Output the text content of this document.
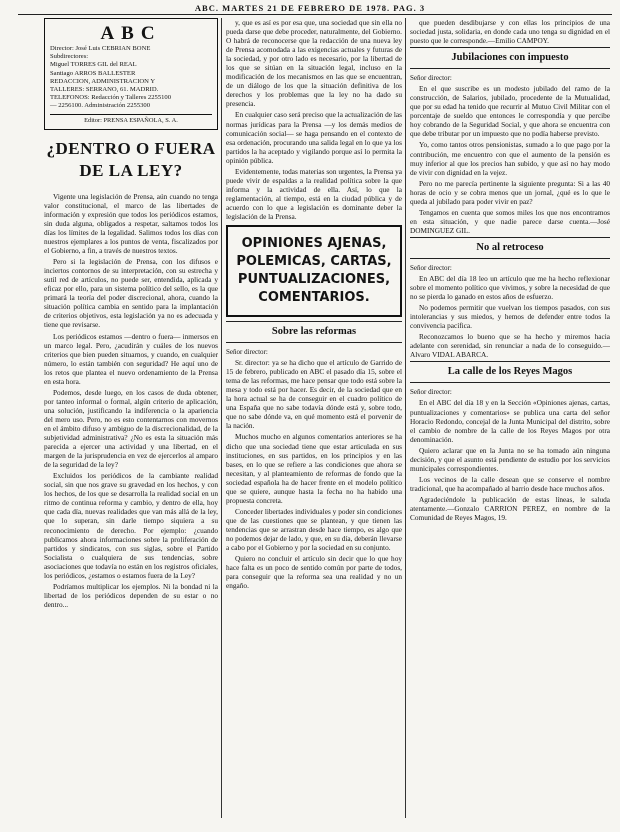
ABC. MARTES 21 DE FEBRERO DE 1978. PAG. 3
ABC
Director: José Luis CEBRIAN BONE
Subdirectores:
Miguel TORRES GIL del REAL
Santiago ARROS BALLESTER
REDACCION, ADMINISTRACION Y
TALLERES: SERRANO, 61. MADRID.
TELEFONOS: Redacción y Talleres 2255100
— 2256100. Administración 2255300
Editor: PRENSA ESPAÑOLA, S. A.
¿DENTRO O FUERA
DE LA LEY?

Vigente una legislación de Prensa, aún cuando no tenga valor constitucional, el marco de las libertades de información y expresión que todos los periódicos estamos, sin duda alguna, obligados a respetar, saltamos todos los días los límites de la legalidad. Salimos todos los días con nuestros ejemplares a los puntos de venta, fiscalizados por el Gobierno, a fin, a través de nuestros textos.

Pero si la legislación de Prensa, con los difusos e inciertos contornos de su interpretación, con su estrecha y sutil red de artículos, no puede ser, entendida, aplicada y eficaz por ello, para un sistema político del sello, es la que primará la teoría del poder discrecional, ahora, cuando la situación política cambia en sentido para la implantación de criterios objetivos, esta legislación ya no es adecuada y tiene que revisarse.

Los periódicos estamos —dentro o fuera— inmersos en un marco legal. Pero, ¿acudirán y cuáles de los nuevos criterios que bien pueden situarnos, y cuando, en cualquier número, lo están también con seguridad? He aquí uno de los retos que plantea el nuevo ordenamiento de la Prensa en esta hora.

Podemos, desde luego, en los casos de duda obtener, por tanteo informal o formal, algún criterio de aplicación, una solución, justificando la indiferencia o la apariencia del mero uso. Pero, no es esto contentarnos con movernos en el ámbito difuso y ambiguo de la discrecionalidad, de la subjetividad administrativa? ¿No es esta la situación más parecida a ejercer una actividad y una libertad, en el margen de la jurisprudencia en vez de ejercerlos al amparo de la seguridad de la ley?

Excluidos los periódicos de la cambiante realidad social, sin que nos grave su gravedad en los hechos, y con los hechos, de los que se desarrolla la realidad social en un ritmo de continua reforma y cambio, y dentro de ella, hoy que cada día, nuevas realidades que van más allá de la ley, que lo superan, sin darle tiempo siquiera a su reconocimiento de derecho. Por ejemplo: ¿cuando publicamos ahora informaciones sobre la proliferación de partidos y sindicatos, con sus siglas, sobre el Partido Socialista o cualquiera de sus tendencias, sobre asociaciones que todavía no están en los registros oficiales, los periódicos, ¿estamos o estamos fuera de la Ley?

Podríamos multiplicar los ejemplos. Ni la bondad ni la libertad de los periódicos dependen de su estar o no dentro...

y, que es así es por esa que, una sociedad que sin ella no pueda darse que debe proceder, naturalmente, del Gobierno. O habrá de reconocerse que la redacción de una nueva ley de Prensa acomodada a las exigencias actuales y futuras de la sociedad, y por otro lado es necesario, por la libertad de los que se sitúan en la situación legal, incluso en la modificación de los mecanismos en las que se encuentran, de un diálogo de los que la situación definitiva de los derechos y los problemas que la ley no ha dado su presencia.

En cualquier caso será preciso que la actualización de las normas jurídicas para la Prensa —y los demás medios de comunicación social— se haga pensando en el contexto de esa ordenación, procurando una salida legal en lo que ya los partidos la ha aceptado y vigilando porque así lo permita la opinión pública.

Evidentemente, todas materias son urgentes, la Prensa ya puede vivir de espaldas a la realidad política sobre la que informa y la actividad de ella. Así, lo que la reglamentación, al tiempo, está en la ciudad pública y de acuerdo con lo que a legislación es dominante deber la legislación de la Prensa.

OPINIONES AJENAS,
POLEMICAS, CARTAS,
PUNTUALIZACIONES,
COMENTARIOS.
Sobre las reformas

Señor director:

Sr. director: ya se ha dicho que el artículo de Garrido de 15 de febrero, publicado en ABC el pasado día 15, sobre el tema de las reformas, me hace pensar que todo está sobre la mesa y todo está por hacer. Es decir, de la sociedad que en la hora actual se ha de conseguir en el cuadro político de una España que no sabe todavía dónde está y, sobre todo, que no sabe dónde va, en qué momento está el porvenir de la nación.

Muchos mucho en algunos comentarios anteriores se ha dicho que una sociedad tiene que estar articulada en sus instituciones, en sus partidos, en los principios y en las bases, en lo que se refiere a las condiciones que ahora se necesitan, y al planteamiento de reformas de fondo que la sociedad española ha de hacer frente en el modelo político que se quiere, aunque hasta la fecha no ha habido una propuesta concreta.

Conceder libertades individuales y poder sin condiciones que de las cuestiones que se plantean, y que tienen las tendencias que se arrastran desde hace tiempo, es algo que no podemos dejar de lado, y que, en su día, deberán llevarse a cabo por el Gobierno y por la sociedad en su conjunto.

Quiero no concluir el artículo sin decir que lo que hoy hace falta es un poco de sentido común por parte de todos, para conseguir que la reforma sea una realidad y no un engaño.

que pueden desdibujarse y con ellas los principios de una sociedad justa, solidaria, en donde cada uno tenga su dignidad en el puesto que le corresponde.—Emilio CAMPOY.

Jubilaciones con impuesto

Señor director:

En el que suscribe es un modesto jubilado del ramo de la construcción, de Salarios, jubilado, procedente de la Mutualidad, que por su edad ha tenido que recurrir al Mutuo Civil Militar con el porcentaje de sueldo que entonces le correspondía y que percibe hoy cobrando de la Seguridad Social, y que ahora se encuentra con que debe tributar por un impuesto que no podía haberse previsto.

Yo, como tantos otros pensionistas, sumado a lo que pago por la contribución, me encuentro con que el aumento de la pensión es muy inferior al que los precios han subido, y que así no hay modo de vivir con dignidad en la vejez.

Pero no me parecía pertinente la siguiente pregunta: Si a las 40 horas de ocio y se cobra menos que un jornal, ¿qué es lo que le queda al jubilado para poder vivir en paz?

Tengamos en cuenta que somos miles los que nos encontramos en esta situación, y que nadie parece darse cuenta.—José DOMINGUEZ GIL.

No al retroceso

Señor director:

En ABC del día 18 leo un artículo que me ha hecho reflexionar sobre el momento político que vivimos, y sobre la necesidad de que no se pierda lo ganado en estos años de esfuerzo.

No podemos permitir que vuelvan los tiempos pasados, con sus intolerancias y sus miedos, y hemos de defender entre todos la convivencia pacífica.

Reconozcamos lo bueno que se ha hecho y miremos hacia adelante con serenidad, sin renunciar a nada de lo conseguido.—Alvaro VIDAL ABARCA.

La calle de los Reyes Magos

Señor director:

En el ABC del día 18 y en la Sección «Opiniones ajenas, cartas, puntualizaciones y comentarios» se publica una carta del señor Horacio Redondo, concejal de la Junta Municipal del distrito, sobre el cambio de nombre de la calle de los Reyes Magos por otra denominación.

Quiero aclarar que en la Junta no se ha tomado aún ninguna decisión, y que el asunto está pendiente de estudio por los servicios municipales correspondientes.

Los vecinos de la calle desean que se conserve el nombre tradicional, que ha acompañado al barrio desde hace muchos años.

Agradeciéndole la publicación de estas líneas, le saluda atentamente.—Gonzalo CARRION PEREZ, en nombre de la Comunidad de Reyes Magos, 19.
